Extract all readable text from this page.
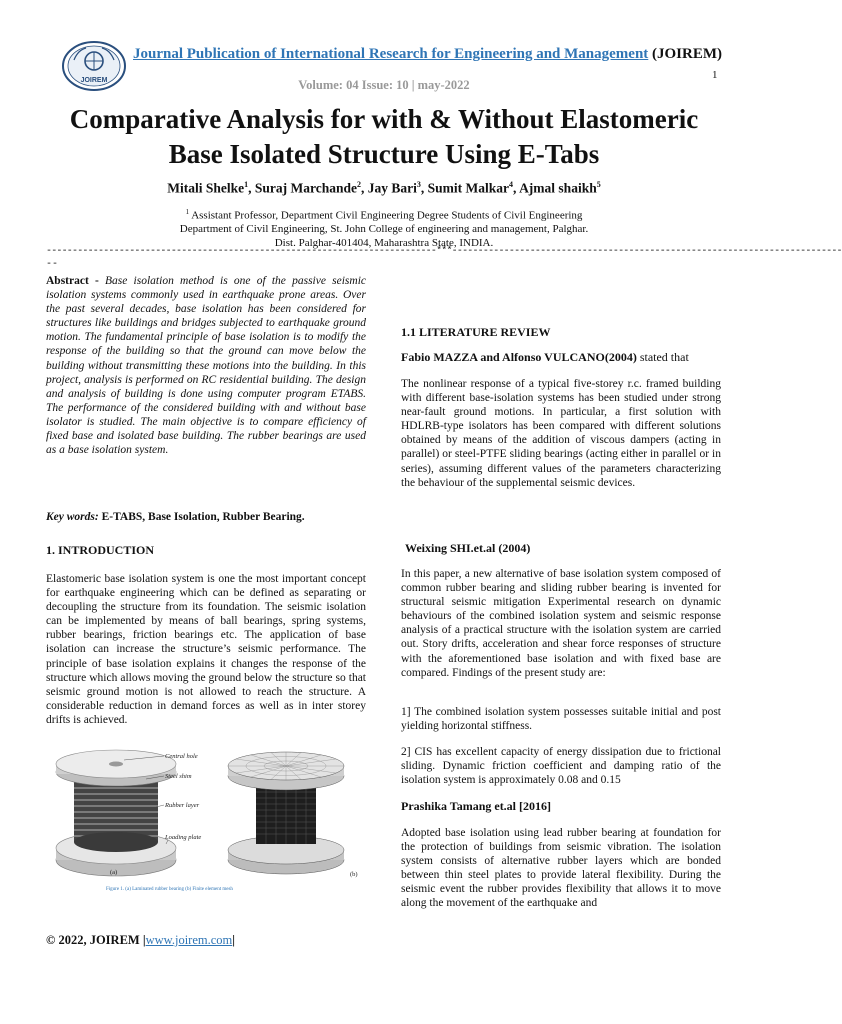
JOIREM
Journal Publication of International Research for Engineering and Management (JOIREM)
1
Volume: 04 Issue: 10 | may-2022
Comparative Analysis for with & Without Elastomeric
Base Isolated Structure Using E-Tabs
Mitali Shelke$^1$, Suraj Marchande$^2$, Jay Bari$^3$, Sumit Malkar$^4$, Ajmal shaikh$^5$
$^1$ Assistant Professor, Department Civil Engineering Degree Students of Civil Engineering
Department of Civil Engineering, St. John College of engineering and management, Palghar.
Dist. Palghar-401404, Maharashtra State, INDIA.
---------------------------------------------------------------------------***---------------------------------------------------------------------------
--
Abstract - Base isolation method is one of the passive seismic isolation systems commonly used in earthquake prone areas. Over the past several decades, base isolation has been considered for structures like buildings and bridges subjected to earthquake ground motion. The fundamental principle of base isolation is to modify the response of the building so that the ground can move below the building without transmitting these motions into the building. In this project, analysis is performed on RC residential building. The design and analysis of building is done using computer program ETABS. The performance of the considered building with and without base isolator is studied. The main objective is to compare efficiency of fixed base and isolated base building. The rubber bearings are used as a base isolation system.
Key words: E-TABS, Base Isolation, Rubber Bearing.
1. INTRODUCTION
Elastomeric base isolation system is one the most important concept for earthquake engineering which can be defined as separating or decoupling the structure from its foundation. The seismic isolation can be implemented by means of ball bearings, spring systems, rubber bearings, friction bearings etc. The application of base isolation can increase the structure’s seismic performance. The principle of base isolation explains it changes the response of the structure which allows moving the ground below the structure so that seismic ground motion is not allowed to reach the structure. A considerable reduction in demand forces as well as in inter storey drifts is achieved.
Central hole
Steel shim
Rubber layer
Loading plate
(a)	(b)
Figure 1. (a) Laminated rubber bearing (b) Finite element mesh
1.1 LITERATURE REVIEW
Fabio MAZZA and Alfonso VULCANO(2004) stated that
The nonlinear response of a typical five-storey r.c. framed building with different base-isolation systems has been studied under strong near-fault ground motions. In particular, a first solution with HDLRB-type isolators has been compared with different solutions obtained by means of the addition of viscous dampers (acting in parallel) or steel-PTFE sliding bearings (acting either in parallel or in series), assuming different values of the parameters characterizing the behaviour of the supplemental seismic devices.
Weixing SHI.et.al (2004)
In this paper, a new alternative of base isolation system composed of common rubber bearing and sliding rubber bearing is invented for structural seismic mitigation Experimental research on dynamic behaviours of the combined isolation system and seismic response analysis of a practical structure with the isolation system are carried out. Story drifts, acceleration and shear force responses of structure with the aforementioned base isolation and with fixed base are compared. Findings of the present study are:
1] The combined isolation system possesses suitable initial and post yielding horizontal stiffness.
2] CIS has excellent capacity of energy dissipation due to frictional sliding. Dynamic friction coefficient and damping ratio of the isolation system is approximately 0.08 and 0.15
Prashika Tamang et.al [2016]
Adopted base isolation using lead rubber bearing at foundation for the protection of buildings from seismic vibration. The isolation system consists of alternative rubber layers which are bonded between thin steel plates to provide lateral flexibility. During the seismic event the rubber provides flexibility that allows it to move along the movement of the earthquake and
© 2022, JOIREM |www.joirem.com|
